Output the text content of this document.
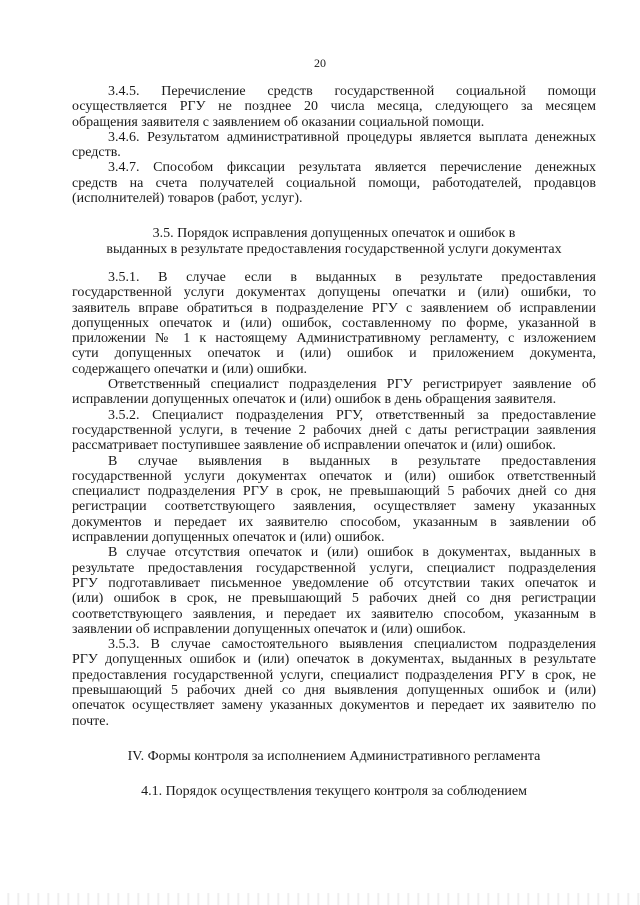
20
3.4.5. Перечисление средств государственной социальной помощи
осуществляется РГУ не позднее 20 числа месяца, следующего за месяцем
обращения заявителя с заявлением об оказании социальной помощи.
3.4.6. Результатом административной процедуры является выплата денежных
средств.
3.4.7. Способом фиксации результата является перечисление денежных
средств на счета получателей социальной помощи, работодателей, продавцов
(исполнителей) товаров (работ, услуг).
3.5. Порядок исправления допущенных опечаток и ошибок в
выданных в результате предоставления государственной услуги документах
3.5.1. В случае если в выданных в результате предоставления
государственной услуги документах допущены опечатки и (или) ошибки, то
заявитель вправе обратиться в подразделение РГУ с заявлением об исправлении
допущенных опечаток и (или) ошибок, составленному по форме, указанной в
приложении № 1 к настоящему Административному регламенту, с изложением
сути допущенных опечаток и (или) ошибок и приложением документа,
содержащего опечатки и (или) ошибки.
Ответственный специалист подразделения РГУ регистрирует заявление об
исправлении допущенных опечаток и (или) ошибок в день обращения заявителя.
3.5.2. Специалист подразделения РГУ, ответственный за предоставление
государственной услуги, в течение 2 рабочих дней с даты регистрации заявления
рассматривает поступившее заявление об исправлении опечаток и (или) ошибок.
В случае выявления в выданных в результате предоставления
государственной услуги документах опечаток и (или) ошибок ответственный
специалист подразделения РГУ в срок, не превышающий 5 рабочих дней со дня
регистрации соответствующего заявления, осуществляет замену указанных
документов и передает их заявителю способом, указанным в заявлении об
исправлении допущенных опечаток и (или) ошибок.
В случае отсутствия опечаток и (или) ошибок в документах, выданных в
результате предоставления государственной услуги, специалист подразделения
РГУ подготавливает письменное уведомление об отсутствии таких опечаток и
(или) ошибок в срок, не превышающий 5 рабочих дней со дня регистрации
соответствующего заявления, и передает их заявителю способом, указанным в
заявлении об исправлении допущенных опечаток и (или) ошибок.
3.5.3. В случае самостоятельного выявления специалистом подразделения
РГУ допущенных ошибок и (или) опечаток в документах, выданных в результате
предоставления государственной услуги, специалист подразделения РГУ в срок, не
превышающий 5 рабочих дней со дня выявления допущенных ошибок и (или)
опечаток осуществляет замену указанных документов и передает их заявителю по
почте.
IV. Формы контроля за исполнением Административного регламента
4.1. Порядок осуществления текущего контроля за соблюдением
